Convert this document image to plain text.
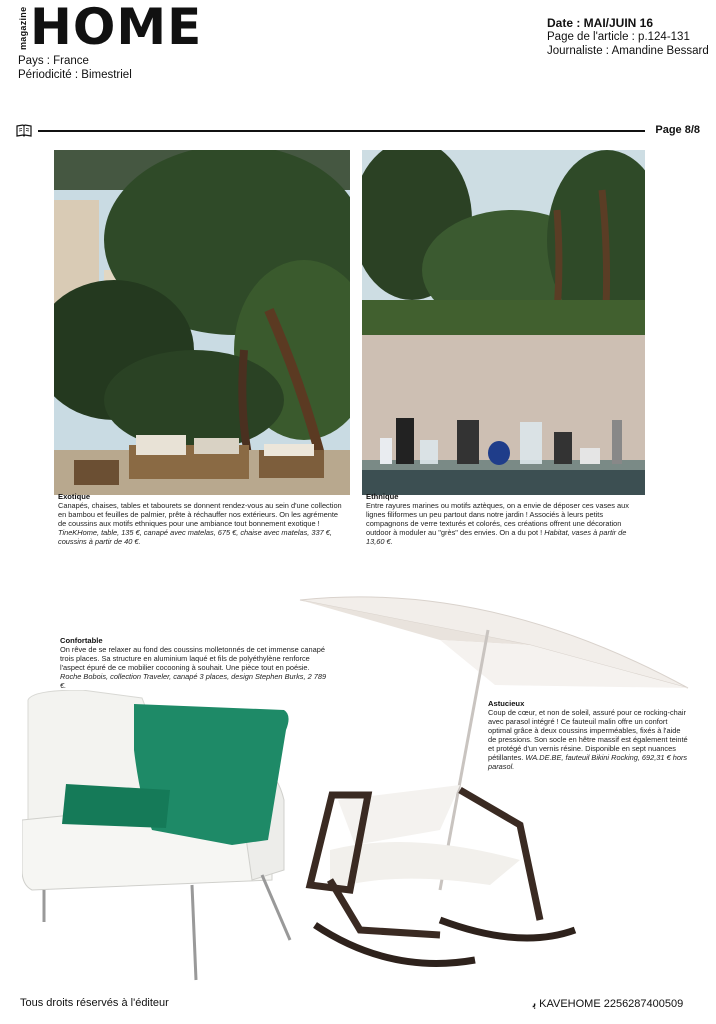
magazine HOME
Pays : France
Périodicité : Bimestriel
Date : MAI/JUIN 16
Page de l'article : p.124-131
Journaliste : Amandine Bessard
Page 8/8
Exotique
Canapés, chaises, tables et tabourets se donnent rendez-vous au sein d'une collection en bambou et feuilles de palmier, prête à réchauffer nos extérieurs. On les agrémente de coussins aux motifs ethniques pour une ambiance tout bonnement exotique ! TineKHome, table, 135 €, canapé avec matelas, 675 €, chaise avec matelas, 337 €, coussins à partir de 40 €.
Ethnique
Entre rayures marines ou motifs aztèques, on a envie de déposer ces vases aux lignes filiformes un peu partout dans notre jardin ! Associés à leurs petits compagnons de verre texturés et colorés, ces créations offrent une décoration outdoor à moduler au "grès" des envies. On a du pot ! Habitat, vases à partir de 13,60 €.
Confortable
On rêve de se relaxer au fond des coussins molletonnés de cet immense canapé trois places. Sa structure en aluminium laqué et fils de polyéthylène renforce l'aspect épuré de ce mobilier cocooning à souhait. Une pièce tout en poésie. Roche Bobois, collection Traveler, canapé 3 places, design Stephen Burks, 2 789 €.
Astucieux
Coup de cœur, et non de soleil, assuré pour ce rocking-chair avec parasol intégré ! Ce fauteuil malin offre un confort optimal grâce à deux coussins imperméables, fixés à l'aide de pressions. Son socle en hêtre massif est également teinté et protégé d'un vernis résine. Disponible en sept nuances pétillantes. WA.DE.BE, fauteuil Bikini Rocking, 692,31 € hors parasol.
Tous droits réservés à l'éditeur	ﺑ KAVEHOME 2256287400509
